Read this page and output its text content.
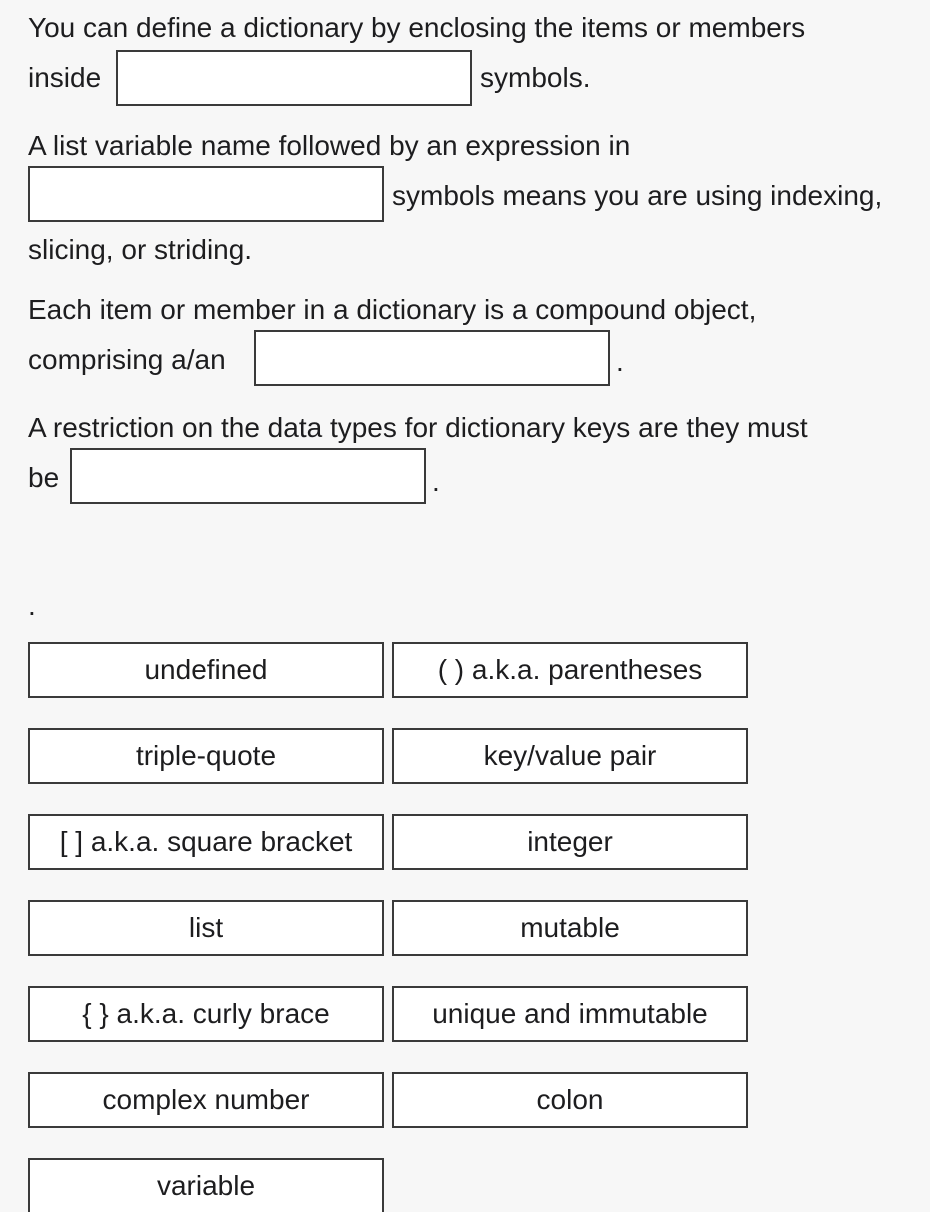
You can define a dictionary by enclosing the items or members
inside	symbols.
A list variable name followed by an expression in
symbols means you are using indexing,
slicing, or striding.
Each item or member in a dictionary is a compound object,
comprising a/an	.
A restriction on the data types for dictionary keys are they must
be	.
.
undefined	( ) a.k.a. parentheses
triple-quote	key/value pair
[ ] a.k.a. square bracket	integer
list	mutable
{ } a.k.a. curly brace	unique and immutable
complex number	colon
variable
